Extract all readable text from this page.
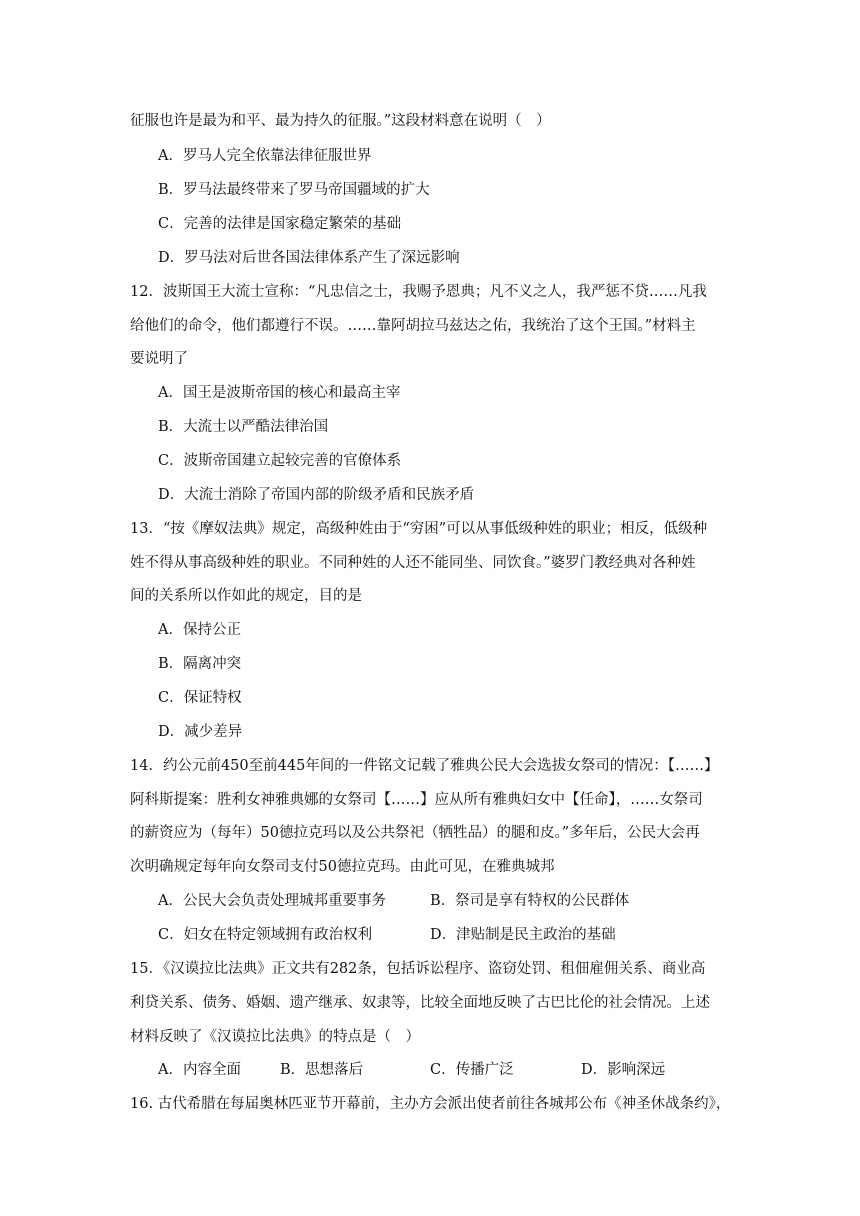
征服也许是最为和平、最为持久的征服。”这段材料意在说明（　）
A．罗马人完全依靠法律征服世界
B．罗马法最终带来了罗马帝国疆域的扩大
C．完善的法律是国家稳定繁荣的基础
D．罗马法对后世各国法律体系产生了深远影响
12．波斯国王大流士宣称：“凡忠信之士，我赐予恩典；凡不义之人，我严惩不贷……凡我
给他们的命令，他们都遵行不误。……靠阿胡拉马兹达之佑，我统治了这个王国。”材料主
要说明了
A．国王是波斯帝国的核心和最高主宰
B．大流士以严酷法律治国
C．波斯帝国建立起较完善的官僚体系
D．大流士消除了帝国内部的阶级矛盾和民族矛盾
13．“按《摩奴法典》规定，高级种姓由于“穷困”可以从事低级种姓的职业；相反，低级种
姓不得从事高级种姓的职业。不同种姓的人还不能同坐、同饮食。”婆罗门教经典对各种姓
间的关系所以作如此的规定，目的是
A．保持公正
B．隔离冲突
C．保证特权
D．减少差异
14．约公元前450至前445年间的一件铭文记载了雅典公民大会选拔女祭司的情况：【……】
阿科斯提案：胜利女神雅典娜的女祭司【……】应从所有雅典妇女中【任命】，……女祭司
的薪资应为（每年）50德拉克玛以及公共祭祀（牺牲品）的腿和皮。”多年后，公民大会再
次明确规定每年向女祭司支付50德拉克玛。由此可见，在雅典城邦
A．公民大会负责处理城邦重要事务	B．祭司是享有特权的公民群体
C．妇女在特定领域拥有政治权利	D．津贴制是民主政治的基础
15．《汉谟拉比法典》正文共有282条，包括诉讼程序、盗窃处罚、租佃雇佣关系、商业高
利贷关系、债务、婚姻、遗产继承、奴隶等，比较全面地反映了古巴比伦的社会情况。上述
材料反映了《汉谟拉比法典》的特点是（　）
A．内容全面	B．思想落后	C．传播广泛	D．影响深远
16. 古代希腊在每届奥林匹亚节开幕前，主办方会派出使者前往各城邦公布《神圣休战条约》，
